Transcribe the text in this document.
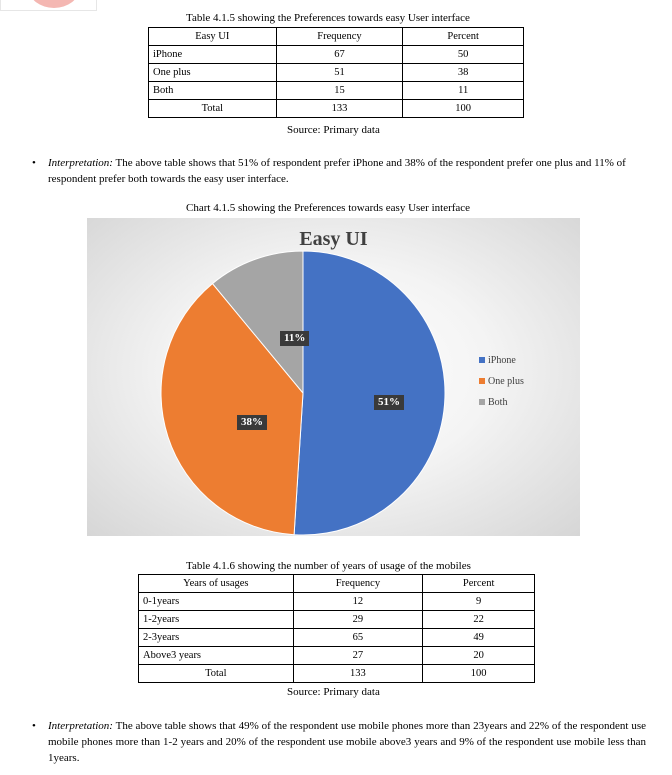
Table 4.1.5 showing the Preferences towards easy User interface
Easy UI	Frequency	Percent
iPhone	67	50
One plus	51	38
Both	15	11
Total	133	100
Source: Primary data
• Interpretation: The above table shows that 51% of respondent prefer iPhone and 38% of the respondent prefer one plus and 11% of respondent prefer both towards the easy user interface.
Chart 4.1.5 showing the Preferences towards easy User interface
Easy UI
51%
38%
11%
iPhone
One plus
Both
Table 4.1.6 showing the number of years of usage of the mobiles
Years of usages	Frequency	Percent
0-1years	12	9
1-2years	29	22
2-3years	65	49
Above3 years	27	20
Total	133	100
Source: Primary data
• Interpretation: The above table shows that 49% of the respondent use mobile phones more than 23years and 22% of the respondent use mobile phones more than 1-2 years and 20% of the respondent use mobile above3 years and 9% of the respondent use mobile less than 1years.
